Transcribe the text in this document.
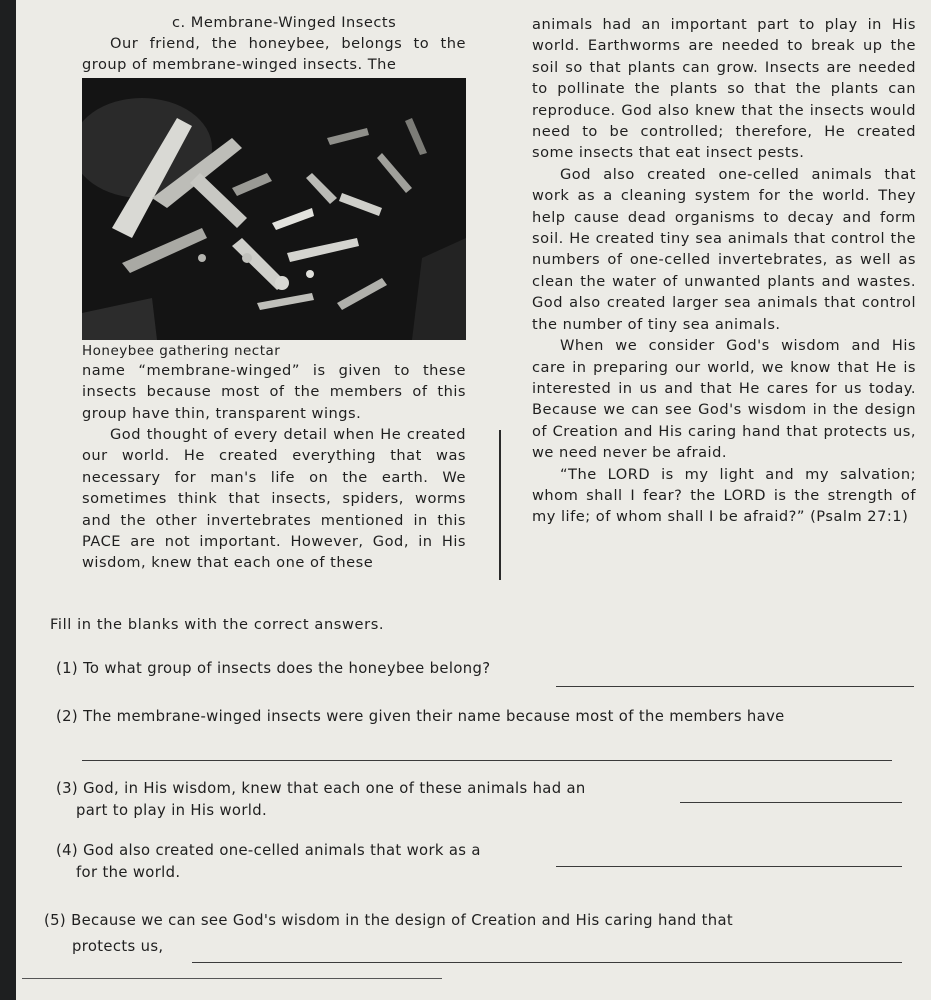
c. Membrane-Winged Insects

Our friend, the honeybee, belongs to the group of membrane-winged insects. The

Honeybee gathering nectar

name “membrane-winged” is given to these insects because most of the members of this group have thin, transparent wings.

God thought of every detail when He created our world. He created everything that was necessary for man's life on the earth. We sometimes think that insects, spiders, worms and the other invertebrates mentioned in this PACE are not important. However, God, in His wisdom, knew that each one of these

animals had an important part to play in His world. Earthworms are needed to break up the soil so that plants can grow. Insects are needed to pollinate the plants so that the plants can reproduce. God also knew that the insects would need to be controlled; therefore, He created some insects that eat insect pests.

God also created one-celled animals that work as a cleaning system for the world. They help cause dead organisms to decay and form soil. He created tiny sea animals that control the numbers of one-celled invertebrates, as well as clean the water of unwanted plants and wastes. God also created larger sea animals that control the number of tiny sea animals.

When we consider God's wisdom and His care in preparing our world, we know that He is interested in us and that He cares for us today. Because we can see God's wisdom in the design of Creation and His caring hand that protects us, we need never be afraid.

“The LORD is my light and my salvation; whom shall I fear? the LORD is the strength of my life; of whom shall I be afraid?” (Psalm 27:1)

Fill in the blanks with the correct answers.

(1) To what group of insects does the honeybee belong?

(2) The membrane-winged insects were given their name because most of the members have

(3) God, in His wisdom, knew that each one of these animals had an

part to play in His world.

(4) God also created one-celled animals that work as a

for the world.

(5) Because we can see God's wisdom in the design of Creation and His caring hand that

protects us,
